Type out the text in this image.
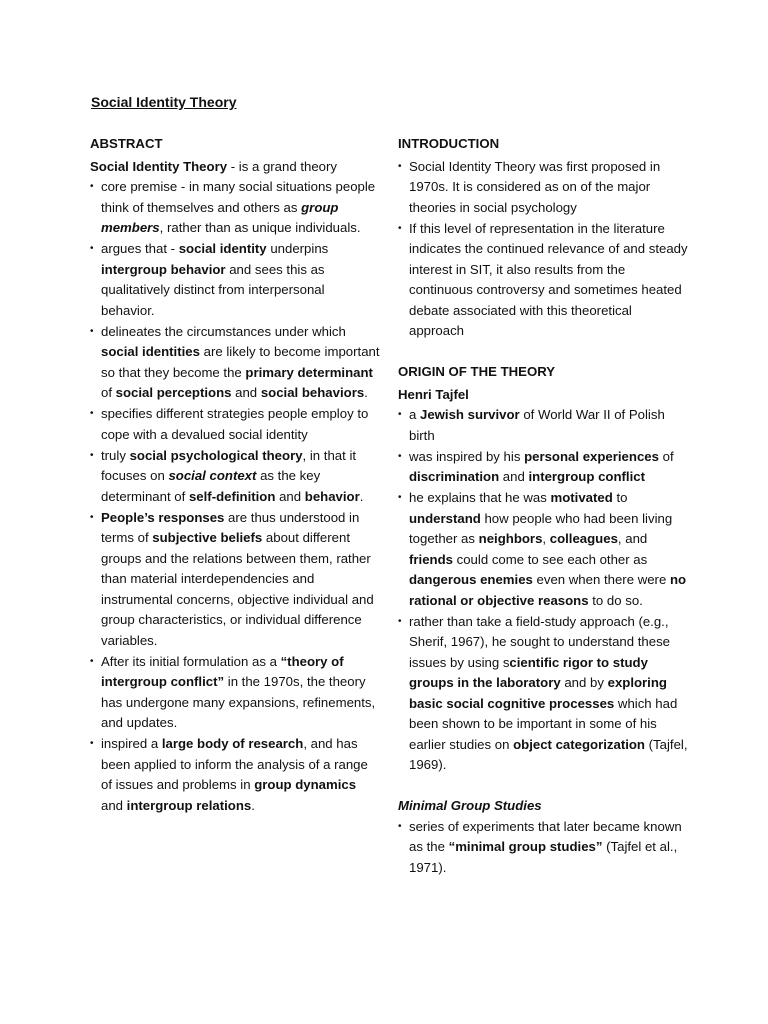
Social Identity Theory

ABSTRACT

Social Identity Theory - is a grand theory

• core premise - in many social situations people think of themselves and others as group members, rather than as unique individuals.
• argues that - social identity underpins intergroup behavior and sees this as qualitatively distinct from interpersonal behavior.
• delineates the circumstances under which social identities are likely to become important so that they become the primary determinant of social perceptions and social behaviors.
• specifies different strategies people employ to cope with a devalued social identity
• truly social psychological theory, in that it focuses on social context as the key determinant of self-definition and behavior.
• People’s responses are thus understood in terms of subjective beliefs about different groups and the relations between them, rather than material interdependencies and instrumental concerns, objective individual and group characteristics, or individual difference variables.
• After its initial formulation as a “theory of intergroup conflict” in the 1970s, the theory has undergone many expansions, refinements, and updates.
• inspired a large body of research, and has been applied to inform the analysis of a range of issues and problems in group dynamics and intergroup relations.

INTRODUCTION

• Social Identity Theory was first proposed in 1970s. It is considered as on of the major theories in social psychology
• If this level of representation in the literature indicates the continued relevance of and steady interest in SIT, it also results from the continuous controversy and sometimes heated debate associated with this theoretical approach

ORIGIN OF THE THEORY

Henri Tajfel

• a Jewish survivor of World War II of Polish birth
• was inspired by his personal experiences of discrimination and intergroup conflict
• he explains that he was motivated to understand how people who had been living together as neighbors, colleagues, and friends could come to see each other as dangerous enemies even when there were no rational or objective reasons to do so.
• rather than take a field-study approach (e.g., Sherif, 1967), he sought to understand these issues by using scientific rigor to study groups in the laboratory and by exploring basic social cognitive processes which had been shown to be important in some of his earlier studies on object categorization (Tajfel, 1969).

Minimal Group Studies

• series of experiments that later became known as the “minimal group studies” (Tajfel et al., 1971).
